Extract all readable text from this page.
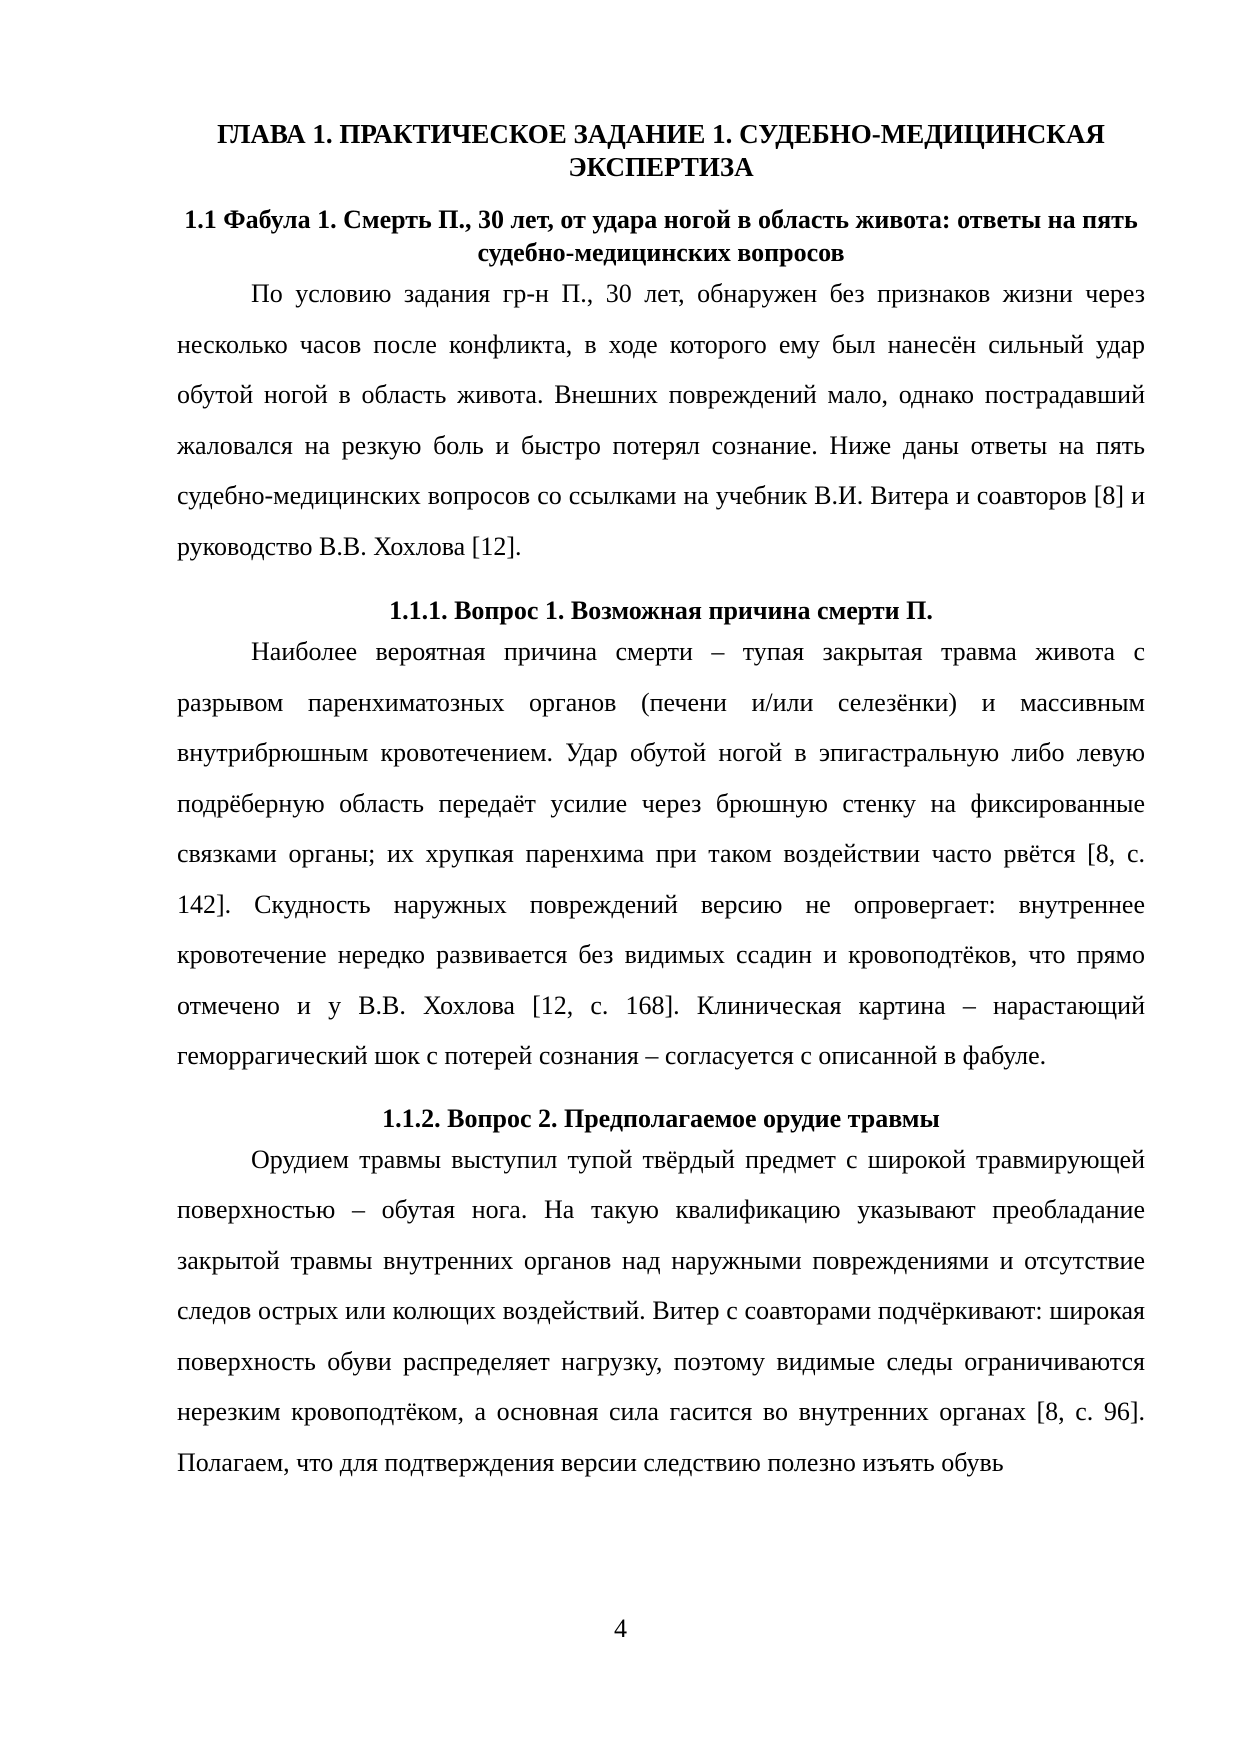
ГЛАВА 1. ПРАКТИЧЕСКОЕ ЗАДАНИЕ 1. СУДЕБНО-МЕДИЦИНСКАЯ ЭКСПЕРТИЗА
1.1 Фабула 1. Смерть П., 30 лет, от удара ногой в область живота: ответы на пять судебно-медицинских вопросов

По условию задания гр-н П., 30 лет, обнаружен без признаков жизни через несколько часов после конфликта, в ходе которого ему был нанесён сильный удар обутой ногой в область живота. Внешних повреждений мало, однако пострадавший жаловался на резкую боль и быстро потерял сознание. Ниже даны ответы на пять судебно-медицинских вопросов со ссылками на учебник В.И. Витера и соавторов [8] и руководство В.В. Хохлова [12].

1.1.1. Вопрос 1. Возможная причина смерти П.

Наиболее вероятная причина смерти – тупая закрытая травма живота с разрывом паренхиматозных органов (печени и/или селезёнки) и массивным внутрибрюшным кровотечением. Удар обутой ногой в эпигастральную либо левую подрёберную область передаёт усилие через брюшную стенку на фиксированные связками органы; их хрупкая паренхима при таком воздействии часто рвётся [8, с. 142]. Скудность наружных повреждений версию не опровергает: внутреннее кровотечение нередко развивается без видимых ссадин и кровоподтёков, что прямо отмечено и у В.В. Хохлова [12, с. 168]. Клиническая картина – нарастающий геморрагический шок с потерей сознания – согласуется с описанной в фабуле.

1.1.2. Вопрос 2. Предполагаемое орудие травмы

Орудием травмы выступил тупой твёрдый предмет с широкой травмирующей поверхностью – обутая нога. На такую квалификацию указывают преобладание закрытой травмы внутренних органов над наружными повреждениями и отсутствие следов острых или колющих воздействий. Витер с соавторами подчёркивают: широкая поверхность обуви распределяет нагрузку, поэтому видимые следы ограничиваются нерезким кровоподтёком, а основная сила гасится во внутренних органах [8, с. 96]. Полагаем, что для подтверждения версии следствию полезно изъять обувь

4
